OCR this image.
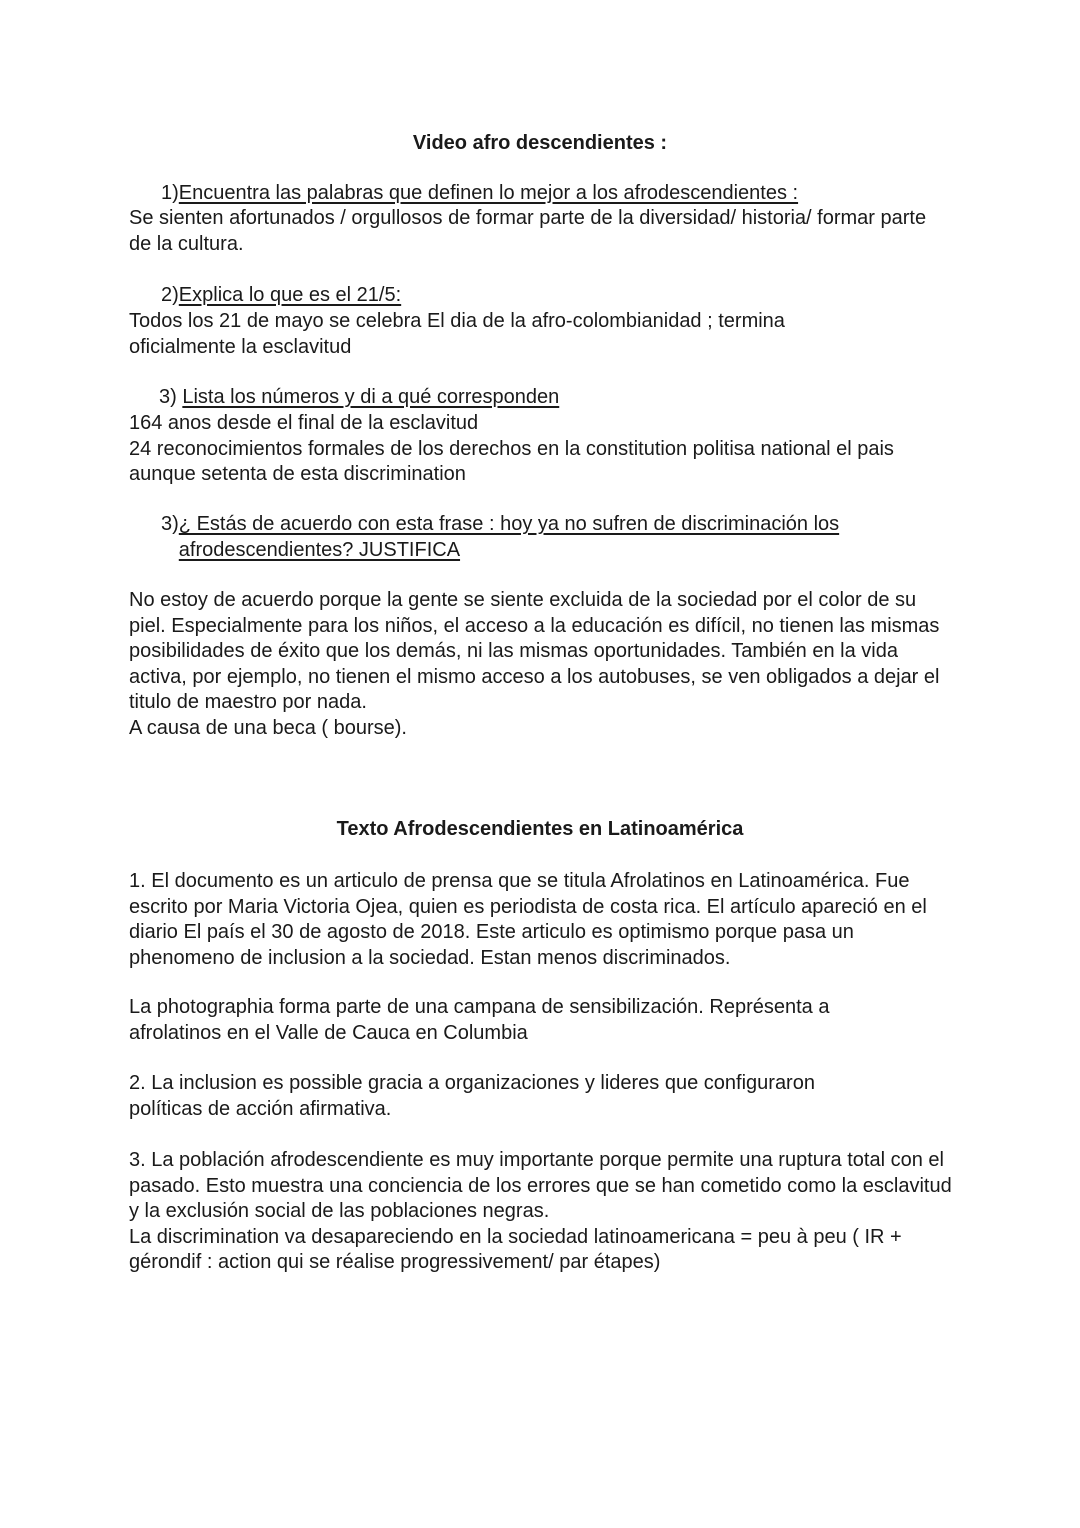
Video afro descendientes :
1)Encuentra las palabras que definen lo mejor a los afrodescendientes :
Se sienten afortunados / orgullosos de formar parte de la diversidad/ historia/ formar parte de la cultura.
2)Explica lo que es el 21/5:
Todos los 21 de mayo se celebra El dia de la afro-colombianidad ; termina oficialmente la esclavitud
3) Lista los números y di a qué corresponden

164 anos desde el final de la esclavitud

24 reconocimientos formales de los derechos en la constitution politisa national el pais aunque setenta de esta discrimination

3) ¿ Estás de acuerdo con esta frase : hoy ya no sufren de discriminación los afrodescendientes? JUSTIFICA

No estoy de acuerdo porque la gente se siente excluida de la sociedad por el color de su piel. Especialmente para los niños, el acceso a la educación es difícil, no tienen las mismas posibilidades de éxito que los demás, ni las mismas oportunidades. También en la vida activa, por ejemplo, no tienen el mismo acceso a los autobuses, se ven obligados a dejar el titulo de maestro por nada.

A causa de una beca ( bourse).

Texto Afrodescendientes en Latinoamérica
1. El documento es un articulo de prensa que se titula Afrolatinos en Latinoamérica. Fue escrito por Maria Victoria Ojea, quien es periodista de costa rica. El artículo apareció en el diario El país el 30 de agosto de 2018. Este articulo es optimismo porque pasa un phenomeno de inclusion a la sociedad. Estan menos discriminados.
La photographia forma parte de una campana de sensibilización. Représenta a afrolatinos en el Valle de Cauca en Columbia
2. La inclusion es possible gracia a organizaciones y lideres que configuraron políticas de acción afirmativa.

3. La población afrodescendiente es muy importante porque permite una ruptura total con el pasado. Esto muestra una conciencia de los errores que se han cometido como la esclavitud y la exclusión social de las poblaciones negras.

La discrimination va desapareciendo en la sociedad latinoamericana = peu à peu ( IR + gérondif : action qui se réalise progressivement/ par étapes)
